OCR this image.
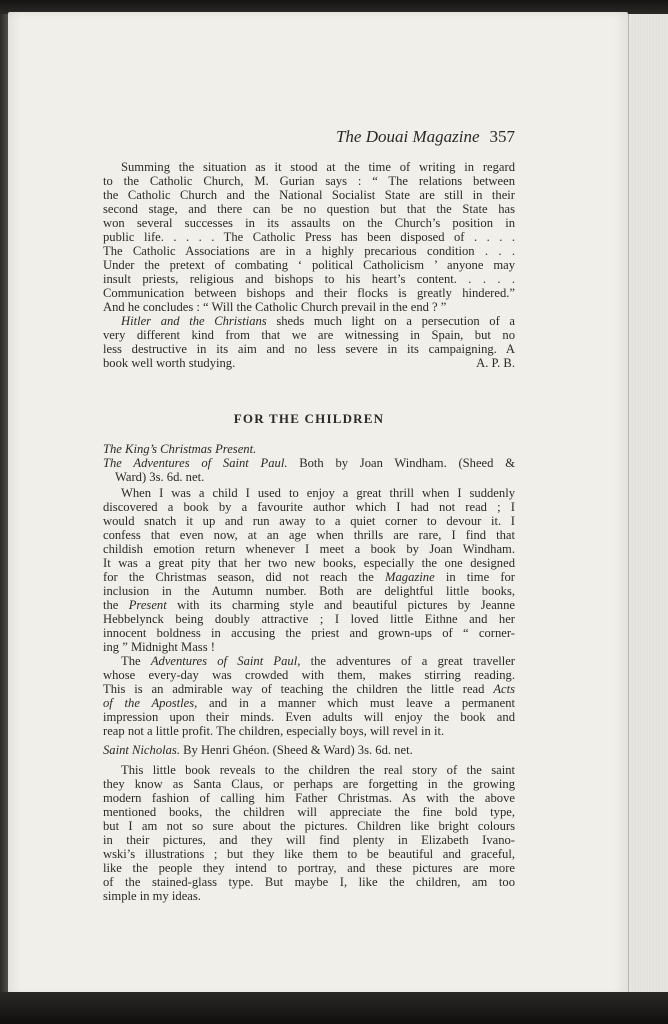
The Douai Magazine 357
Summing the situation as it stood at the time of writing in regard
to the Catholic Church, M. Gurian says : “ The relations between
the Catholic Church and the National Socialist State are still in their
second stage, and there can be no question but that the State has
won several successes in its assaults on the Church’s position in
public life. . . . . The Catholic Press has been disposed of . . . .
The Catholic Associations are in a highly precarious condition . . .
Under the pretext of combating ‘ political Catholicism ’ anyone may
insult priests, religious and bishops to his heart’s content. . . . .
Communication between bishops and their flocks is greatly hindered.”
And he concludes : “ Will the Catholic Church prevail in the end ? ”
Hitler and the Christians sheds much light on a persecution of a
very different kind from that we are witnessing in Spain, but no
less destructive in its aim and no less severe in its campaigning. A
book well worth studying.	A. P. B.
FOR THE CHILDREN
The King’s Christmas Present.
The Adventures of Saint Paul. Both by Joan Windham. (Sheed &
Ward) 3s. 6d. net.
When I was a child I used to enjoy a great thrill when I suddenly
discovered a book by a favourite author which I had not read ; I
would snatch it up and run away to a quiet corner to devour it. I
confess that even now, at an age when thrills are rare, I find that
childish emotion return whenever I meet a book by Joan Windham.
It was a great pity that her two new books, especially the one designed
for the Christmas season, did not reach the Magazine in time for
inclusion in the Autumn number. Both are delightful little books,
the Present with its charming style and beautiful pictures by Jeanne
Hebbelynck being doubly attractive ; I loved little Eithne and her
innocent boldness in accusing the priest and grown-ups of “ corner-
ing ” Midnight Mass !
The Adventures of Saint Paul, the adventures of a great traveller
whose every-day was crowded with them, makes stirring reading.
This is an admirable way of teaching the children the little read Acts
of the Apostles, and in a manner which must leave a permanent
impression upon their minds. Even adults will enjoy the book and
reap not a little profit. The children, especially boys, will revel in it.
Saint Nicholas. By Henri Ghéon. (Sheed & Ward) 3s. 6d. net.
This little book reveals to the children the real story of the saint
they know as Santa Claus, or perhaps are forgetting in the growing
modern fashion of calling him Father Christmas. As with the above
mentioned books, the children will appreciate the fine bold type,
but I am not so sure about the pictures. Children like bright colours
in their pictures, and they will find plenty in Elizabeth Ivano-
wski’s illustrations ; but they like them to be beautiful and graceful,
like the people they intend to portray, and these pictures are more
of the stained-glass type. But maybe I, like the children, am too
simple in my ideas.
